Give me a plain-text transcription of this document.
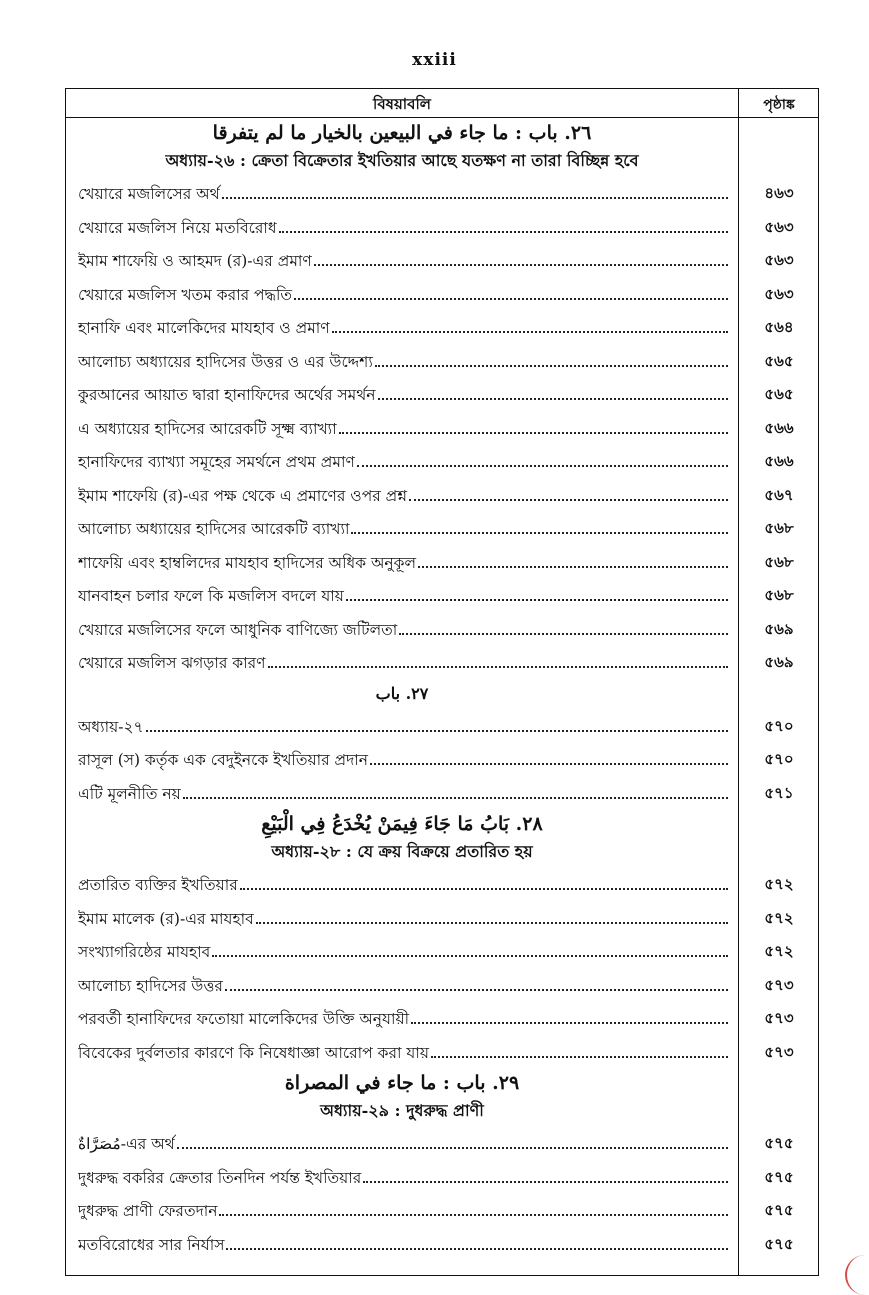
xxiii
বিষয়াবলি	পৃষ্ঠাঙ্ক
٢٦. باب : ما جاء في البيعين بالخيار ما لم يتفرقا
অধ্যায়-২৬ : ক্রেতা বিক্রেতার ইখতিয়ার আছে যতক্ষণ না তারা বিচ্ছিন্ন হবে
খেয়ারে মজলিসের অর্থ	৪৬৩
খেয়ারে মজলিস নিয়ে মতবিরোধ	৫৬৩
ইমাম শাফেয়ি ও আহমদ (র)-এর প্রমাণ	৫৬৩
খেয়ারে মজলিস খতম করার পদ্ধতি	৫৬৩
হানাফি এবং মালেকিদের মাযহাব ও প্রমাণ	৫৬৪
আলোচ্য অধ্যায়ের হাদিসের উত্তর ও এর উদ্দেশ্য	৫৬৫
কুরআনের আয়াত দ্বারা হানাফিদের অর্থের সমর্থন	৫৬৫
এ অধ্যায়ের হাদিসের আরেকটি সূক্ষ্ম ব্যাখ্যা	৫৬৬
হানাফিদের ব্যাখ্যা সমূহের সমর্থনে প্রথম প্রমাণ	৫৬৬
ইমাম শাফেয়ি (র)-এর পক্ষ থেকে এ প্রমাণের ওপর প্রশ্ন	৫৬৭
আলোচ্য অধ্যায়ের হাদিসের আরেকটি ব্যাখ্যা	৫৬৮
শাফেয়ি এবং হাম্বলিদের মাযহাব হাদিসের অধিক অনুকূল	৫৬৮
যানবাহন চলার ফলে কি মজলিস বদলে যায়	৫৬৮
খেয়ারে মজলিসের ফলে আধুনিক বাণিজ্যে জটিলতা	৫৬৯
খেয়ারে মজলিস ঝগড়ার কারণ	৫৬৯
٢٧. باب
অধ্যায়-২৭	৫৭০
রাসূল (স) কর্তৃক এক বেদুইনকে ইখতিয়ার প্রদান	৫৭০
এটি মূলনীতি নয়	৫৭১
٢٨. بَابُ مَا جَاءَ فِيمَنْ يُخْدَعُ فِي الْبَيْعِ
অধ্যায়-২৮ : যে ক্রয় বিক্রয়ে প্রতারিত হয়
প্রতারিত ব্যক্তির ইখতিয়ার	৫৭২
ইমাম মালেক (র)-এর মাযহাব	৫৭২
সংখ্যাগরিষ্ঠের মাযহাব	৫৭২
আলোচ্য হাদিসের উত্তর	৫৭৩
পরবর্তী হানাফিদের ফতোয়া মালেকিদের উক্তি অনুযায়ী	৫৭৩
বিবেকের দুর্বলতার কারণে কি নিষেধাজ্ঞা আরোপ করা যায়	৫৭৩
٢٩. باب : ما جاء في المصراة
অধ্যায়-২৯ : দুধরুদ্ধ প্রাণী
مُصَرَّاةٌ-এর অর্থ	৫৭৫
দুধরুদ্ধ বকরির ক্রেতার তিনদিন পর্যন্ত ইখতিয়ার	৫৭৫
দুধরুদ্ধ প্রাণী ফেরতদান	৫৭৫
মতবিরোধের সার নির্যাস	৫৭৫
